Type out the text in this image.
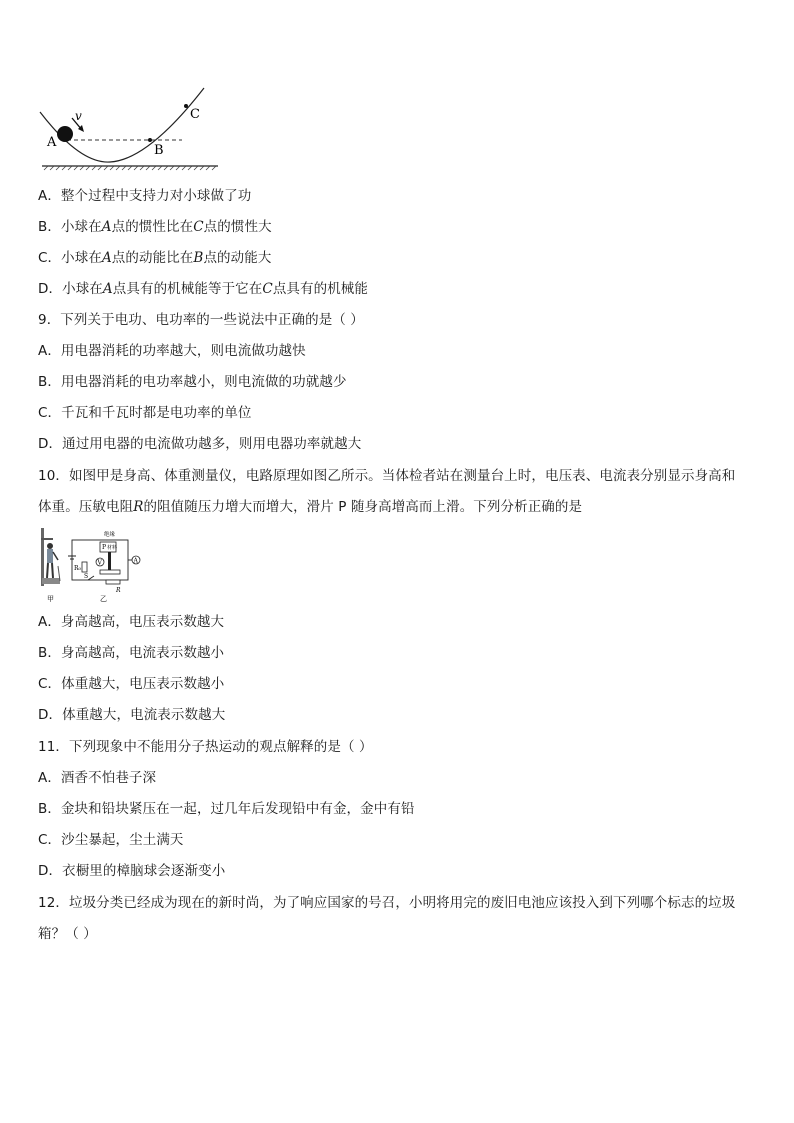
v
A
B
C
A．整个过程中支持力对小球做了功
B．小球在A点的惯性比在C点的惯性大
C．小球在A点的动能比在B点的动能大
D．小球在A点具有的机械能等于它在C点具有的机械能
9．下列关于电功、电功率的一些说法中正确的是（ ）
A．用电器消耗的功率越大，则电流做功越快
B．用电器消耗的电功率越小，则电流做的功就越少
C．千瓦和千瓦时都是电功率的单位
D．通过用电器的电流做功越多，则用电器功率就越大
10．如图甲是身高、体重测量仪，电路原理如图乙所示。当体检者站在测量台上时，电压表、电流表分别显示身高和
体重。压敏电阻R的阻值随压力增大而增大，滑片 P 随身高增高而上滑。下列分析正确的是
甲
R₀
绝缘
P 材料
V	A
S
R
乙
A．身高越高，电压表示数越大
B．身高越高，电流表示数越小
C．体重越大，电压表示数越小
D．体重越大，电流表示数越大
11．下列现象中不能用分子热运动的观点解释的是（ ）
A．酒香不怕巷子深
B．金块和铅块紧压在一起，过几年后发现铅中有金，金中有铅
C．沙尘暴起，尘土满天
D．衣橱里的樟脑球会逐渐变小
12．垃圾分类已经成为现在的新时尚，为了响应国家的号召，小明将用完的废旧电池应该投入到下列哪个标志的垃圾
箱？（ ）
